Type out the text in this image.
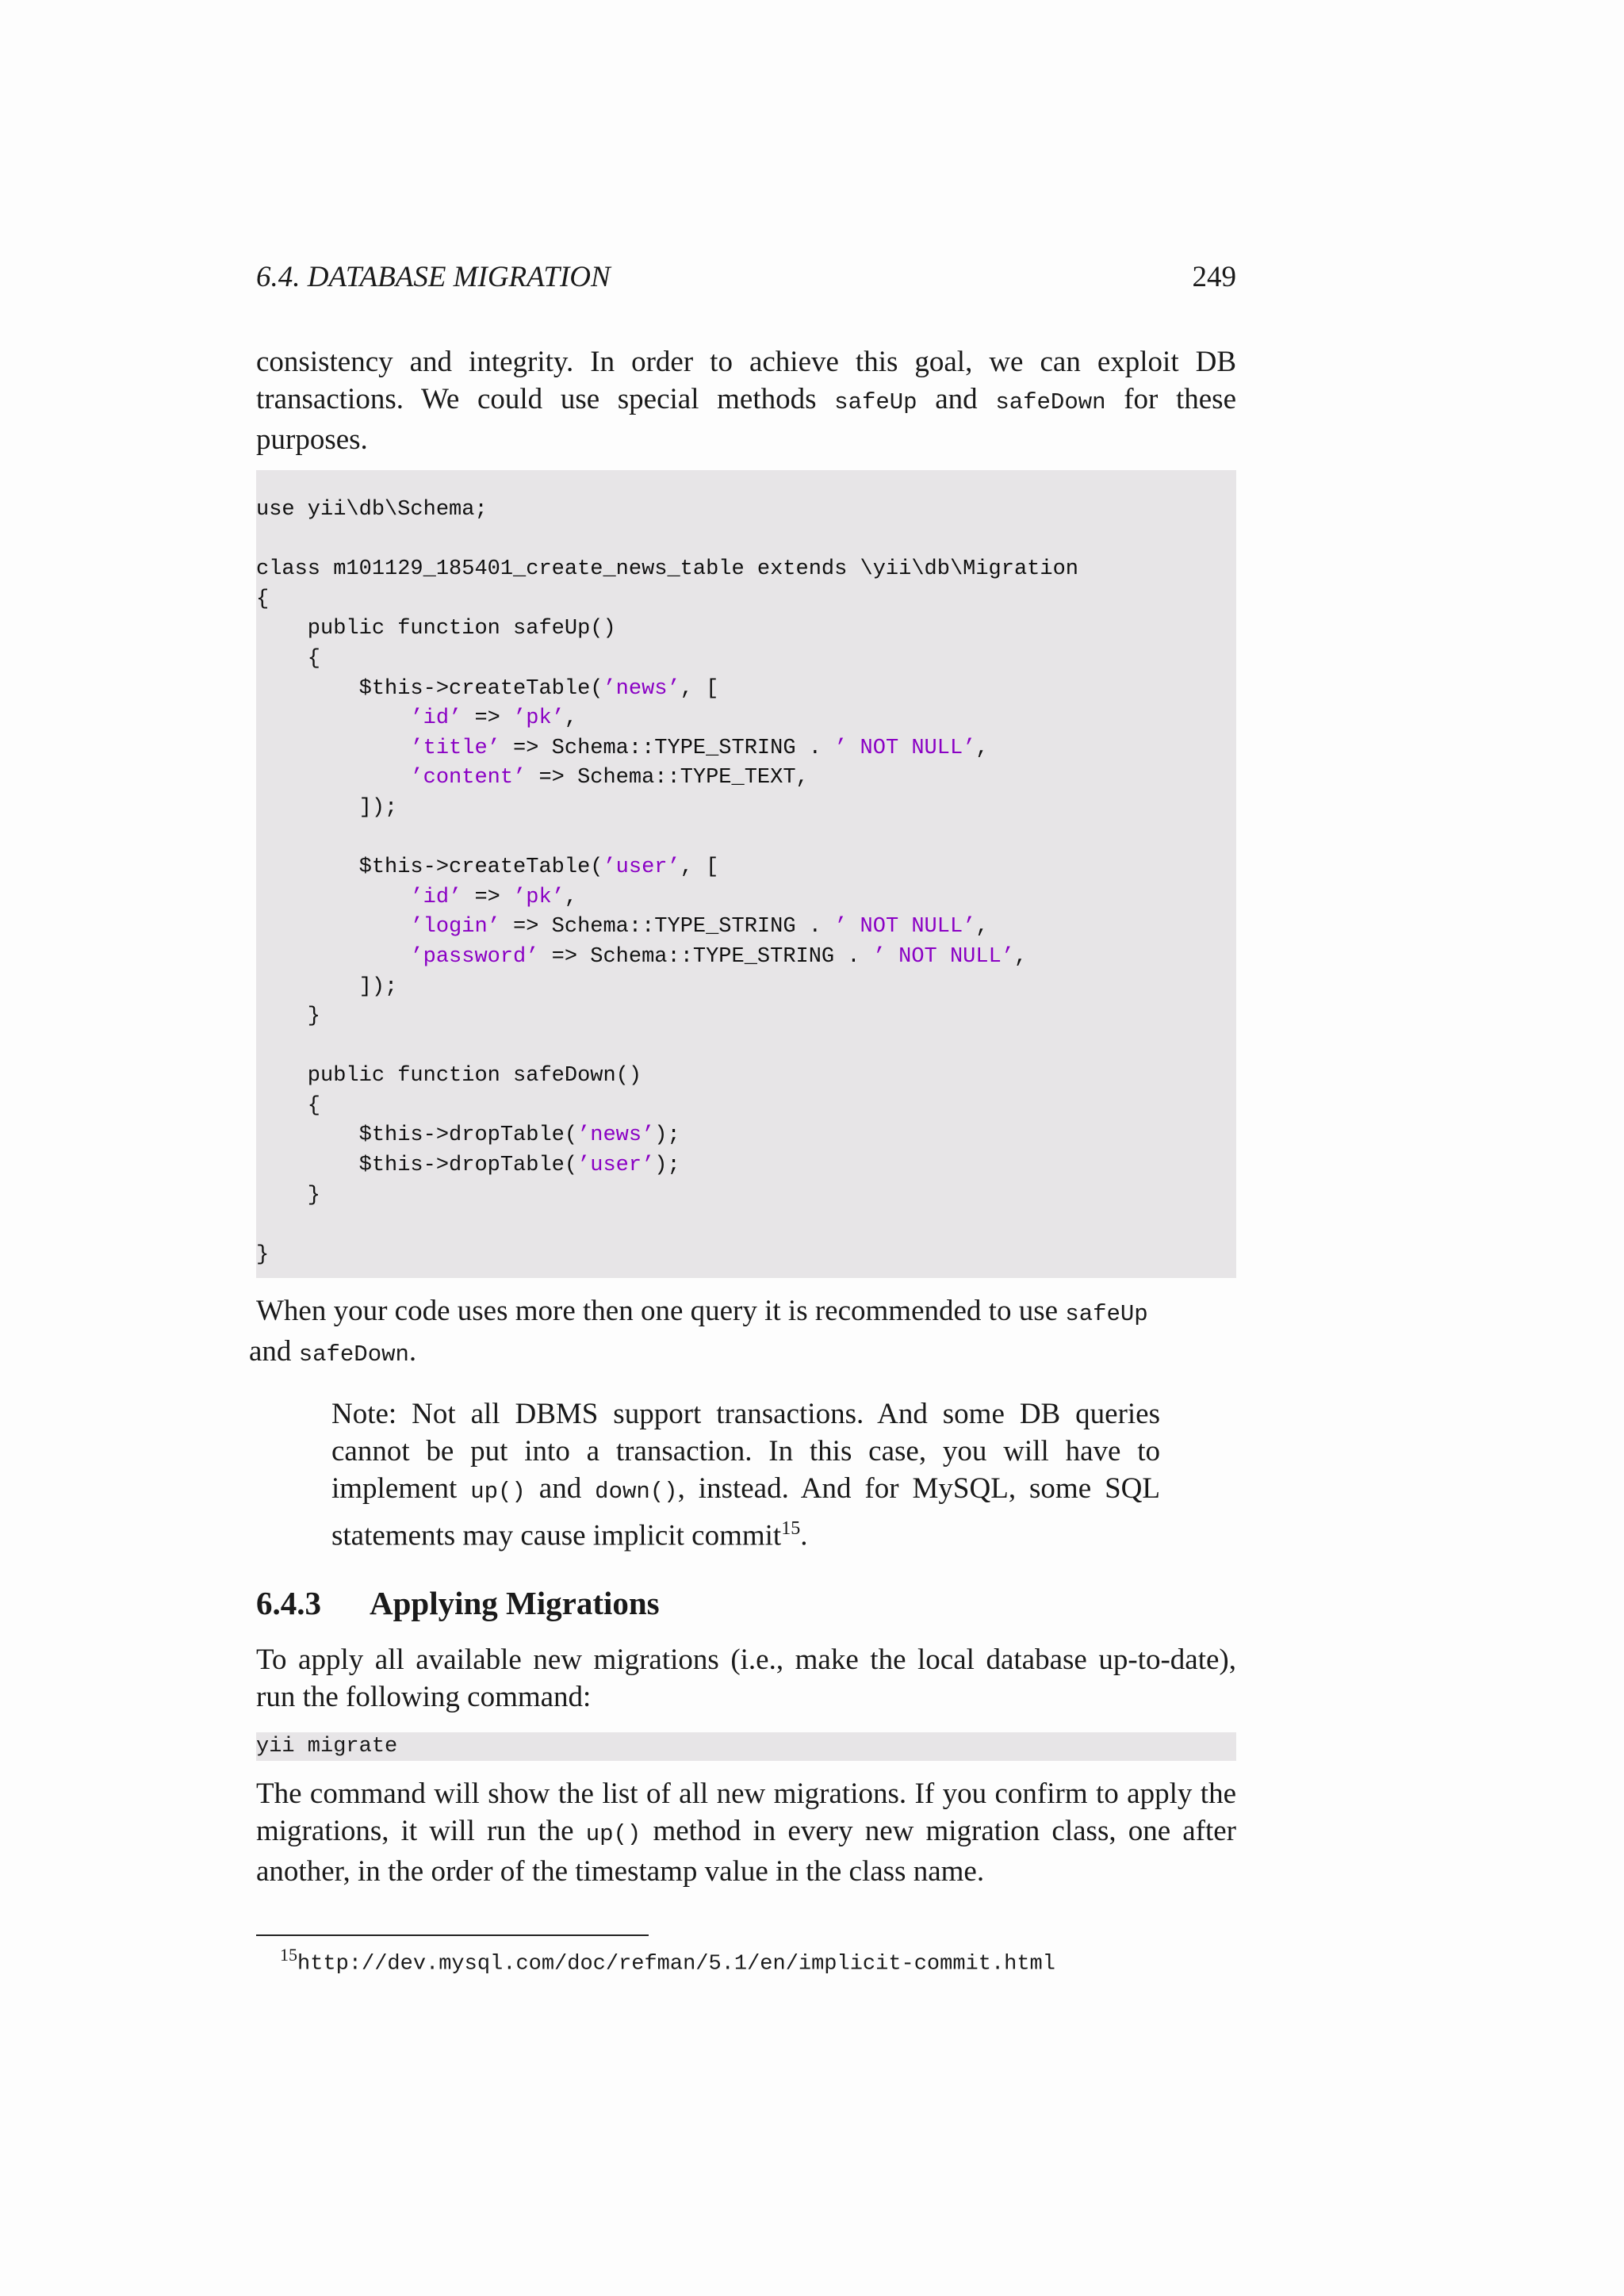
6.4. DATABASE MIGRATION	249

consistency and integrity. In order to achieve this goal, we can exploit DB transactions. We could use special methods safeUp and safeDown for these purposes.

use yii\db\Schema;

class m101129_185401_create_news_table extends \yii\db\Migration
{
public function safeUp()
{
$this->createTable(’news’, [
’id’ => ’pk’,
’title’ => Schema::TYPE_STRING . ’ NOT NULL’,
’content’ => Schema::TYPE_TEXT,
]);

$this->createTable(’user’, [
’id’ => ’pk’,
’login’ => Schema::TYPE_STRING . ’ NOT NULL’,
’password’ => Schema::TYPE_STRING . ’ NOT NULL’,
]);
}

public function safeDown()
{
$this->dropTable(’news’);
$this->dropTable(’user’);
}

}

When your code uses more then one query it is recommended to use safeUp
and safeDown.

Note: Not all DBMS support transactions. And some DB queries cannot be put into a transaction. In this case, you will have to implement up() and down(), instead. And for MySQL, some SQL statements may cause implicit commit$^{15}$.

6.4.3 Applying Migrations

To apply all available new migrations (i.e., make the local database up-to-date), run the following command:

yii migrate

The command will show the list of all new migrations. If you confirm to apply the migrations, it will run the up() method in every new migration class, one after another, in the order of the timestamp value in the class name.

$^{15}$http://dev.mysql.com/doc/refman/5.1/en/implicit-commit.html
